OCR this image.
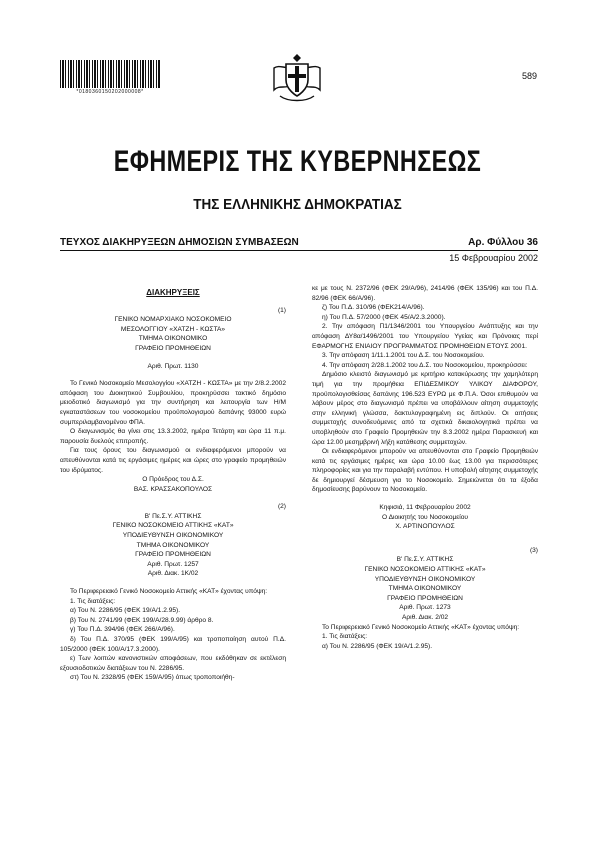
*0180360150202000008*
589
ΕΦΗΜΕΡΙΣ ΤΗΣ ΚΥΒΕΡΝΗΣΕΩΣ
ΤΗΣ ΕΛΛΗΝΙΚΗΣ ΔΗΜΟΚΡΑΤΙΑΣ
ΤΕΥΧΟΣ ΔΙΑΚΗΡΥΞΕΩΝ ΔΗΜΟΣΙΩΝ ΣΥΜΒΑΣΕΩΝ	Αρ. Φύλλου 36
15 Φεβρουαρίου 2002

ΔΙΑΚΗΡΥΞΕΙΣ

(1)

ΓΕΝΙΚΟ ΝΟΜΑΡΧΙΑΚΟ ΝΟΣΟΚΟΜΕΙΟ

ΜΕΣΟΛΟΓΓΙΟΥ «ΧΑΤΖΗ - ΚΩΣΤΑ»

ΤΜΗΜΑ ΟΙΚΟΝΟΜΙΚΟ

ΓΡΑΦΕΙΟ ΠΡΟΜΗΘΕΙΩΝ

Αριθ. Πρωτ. 1130

Το Γενικό Νοσοκομείο Μεσολογγίου «ΧΑΤΖΗ - ΚΩΣΤΑ» με την 2/8.2.2002 απόφαση του Διοικητικού Συμβουλίου, προκηρύσσει τακτικό δημόσιο μειοδοτικό διαγωνισμό για την συντήρηση και λειτουργία των Η/Μ εγκαταστάσεων του νοσοκομείου προϋπολογισμού δαπάνης 93000 ευρώ συμπεριλαμβανομένου ΦΠΑ.

Ο διαγωνισμός θα γίνει στις 13.3.2002, ημέρα Τετάρτη και ώρα 11 π.μ. παρουσία δυελούς επιτροπής.

Για τους όρους του διαγωνισμού οι ενδιαφερόμενοι μπορούν να απευθύνονται κατά τις εργάσιμες ημέρες και ώρες στο γραφείο προμηθειών του ιδρύματος.

Ο Πρόεδρος του Δ.Σ.

ΒΑΣ. ΚΡΑΣΣΑΚΟΠΟΥΛΟΣ

(2)

Β' Πε.Σ.Υ. ΑΤΤΙΚΗΣ

ΓΕΝΙΚΟ ΝΟΣΟΚΟΜΕΙΟ ΑΤΤΙΚΗΣ «ΚΑΤ»

ΥΠΟΔΙΕΥΘΥΝΣΗ ΟΙΚΟΝΟΜΙΚΟΥ

ΤΜΗΜΑ ΟΙΚΟΝΟΜΙΚΟΥ

ΓΡΑΦΕΙΟ ΠΡΟΜΗΘΕΙΩΝ

Αριθ. Πρωτ. 1257

Αριθ. Διακ. 1Κ/02

Το Περιφερειακό Γενικό Νοσοκομείο Αττικής «ΚΑΤ» έχοντας υπόψη:

1. Τις διατάξεις:

α) Του Ν. 2286/95 (ΦΕΚ 19/Α/1.2.95).

β) Του Ν. 2741/99 (ΦΕΚ 199/Α/28.9.99) άρθρο 8.

γ) Του Π.Δ. 394/96 (ΦΕΚ 266/Α/96).

δ) Του Π.Δ. 370/95 (ΦΕΚ 199/Α/95) και τροποποίηση αυτού Π.Δ. 105/2000 (ΦΕΚ 100/Α/17.3.2000).

ε) Των λοιπών κανονιστικών αποφάσεων, που εκδόθηκαν σε εκτέλεση εξουσιοδοτικών διατάξεων του Ν. 2286/95.

στ) Του Ν. 2328/95 (ΦΕΚ 159/Α/95) όπως τροποποιήθη-

κε με τους Ν. 2372/96 (ΦΕΚ 29/Α/96), 2414/96 (ΦΕΚ 135/96) και του Π.Δ. 82/96 (ΦΕΚ 66/Α/96).

ζ) Του Π.Δ. 310/96 (ΦΕΚ214/Α/96).

η) Του Π.Δ. 57/2000 (ΦΕΚ 45/Α/2.3.2000).

2. Την απόφαση Π1/1346/2001 του Υπουργείου Ανάπτυξης και την απόφαση ΔΥ8α/1496/2001 του Υπουργείου Υγείας και Πρόνοιας περί ΕΦΑΡΜΟΓΗΣ ΕΝΙΑΙΟΥ ΠΡΟΓΡΑΜΜΑΤΟΣ ΠΡΟΜΗΘΕΙΩΝ ΕΤΟΥΣ 2001.

3. Την απόφαση 1/11.1.2001 του Δ.Σ. του Νοσοκομείου.

4. Την απόφαση 2/28.1.2002 του Δ.Σ. του Νοσοκομείου, προκηρύσσει:

Δημόσιο κλειστό διαγωνισμό με κριτήριο κατακύρωσης την χαμηλότερη τιμή για την προμήθεια ΕΠΙΔΕΣΜΙΚΟΥ ΥΛΙΚΟΥ ΔΙΑΦΟΡΟΥ, προϋπολογισθείσας δαπάνης 196.523 ΕΥΡΩ με Φ.Π.Α. Όσοι επιθυμούν να λάβουν μέρος στο διαγωνισμό πρέπει να υποβάλλουν αίτηση συμμετοχής στην ελληνική γλώσσα, δακτυλογραφημένη εις διπλούν. Οι αιτήσεις συμμετοχής συνοδευόμενες από τα σχετικά δικαιολογητικά πρέπει να υποβληθούν στο Γραφείο Προμηθειών την 8.3.2002 ημέρα Παρασκευή και ώρα 12.00 μεσημβρινή λήξη κατάθεσης συμμετοχών.

Οι ενδιαφερόμενοι μπορούν να απευθύνονται στο Γραφείο Προμηθειών κατά τις εργάσιμες ημέρες και ώρα 10.00 έως 13.00 για περισσότερες πληροφορίες και για την παραλαβή εντύπου. Η υποβολή αίτησης συμμετοχής δε δημιουργεί δέσμευση για το Νοσοκομείο. Σημειώνεται ότι τα έξοδα δημοσίευσης βαρύνουν το Νοσοκομείο.

Κηφισιά, 11 Φεβρουαρίου 2002

Ο Διοικητής του Νοσοκομείου

Χ. ΑΡΤΙΝΟΠΟΥΛΟΣ

(3)

Β' Πε.Σ.Υ. ΑΤΤΙΚΗΣ

ΓΕΝΙΚΟ ΝΟΣΟΚΟΜΕΙΟ ΑΤΤΙΚΗΣ «ΚΑΤ»

ΥΠΟΔΙΕΥΘΥΝΣΗ ΟΙΚΟΝΟΜΙΚΟΥ

ΤΜΗΜΑ ΟΙΚΟΝΟΜΙΚΟΥ

ΓΡΑΦΕΙΟ ΠΡΟΜΗΘΕΙΩΝ

Αριθ. Πρωτ. 1273

Αριθ. Διακ. 2/02

Το Περιφερειακό Γενικό Νοσοκομείο Αττικής «ΚΑΤ» έχοντας υπόψη:

1. Τις διατάξεις:

α) Του Ν. 2286/95 (ΦΕΚ 19/Α/1.2.95).
